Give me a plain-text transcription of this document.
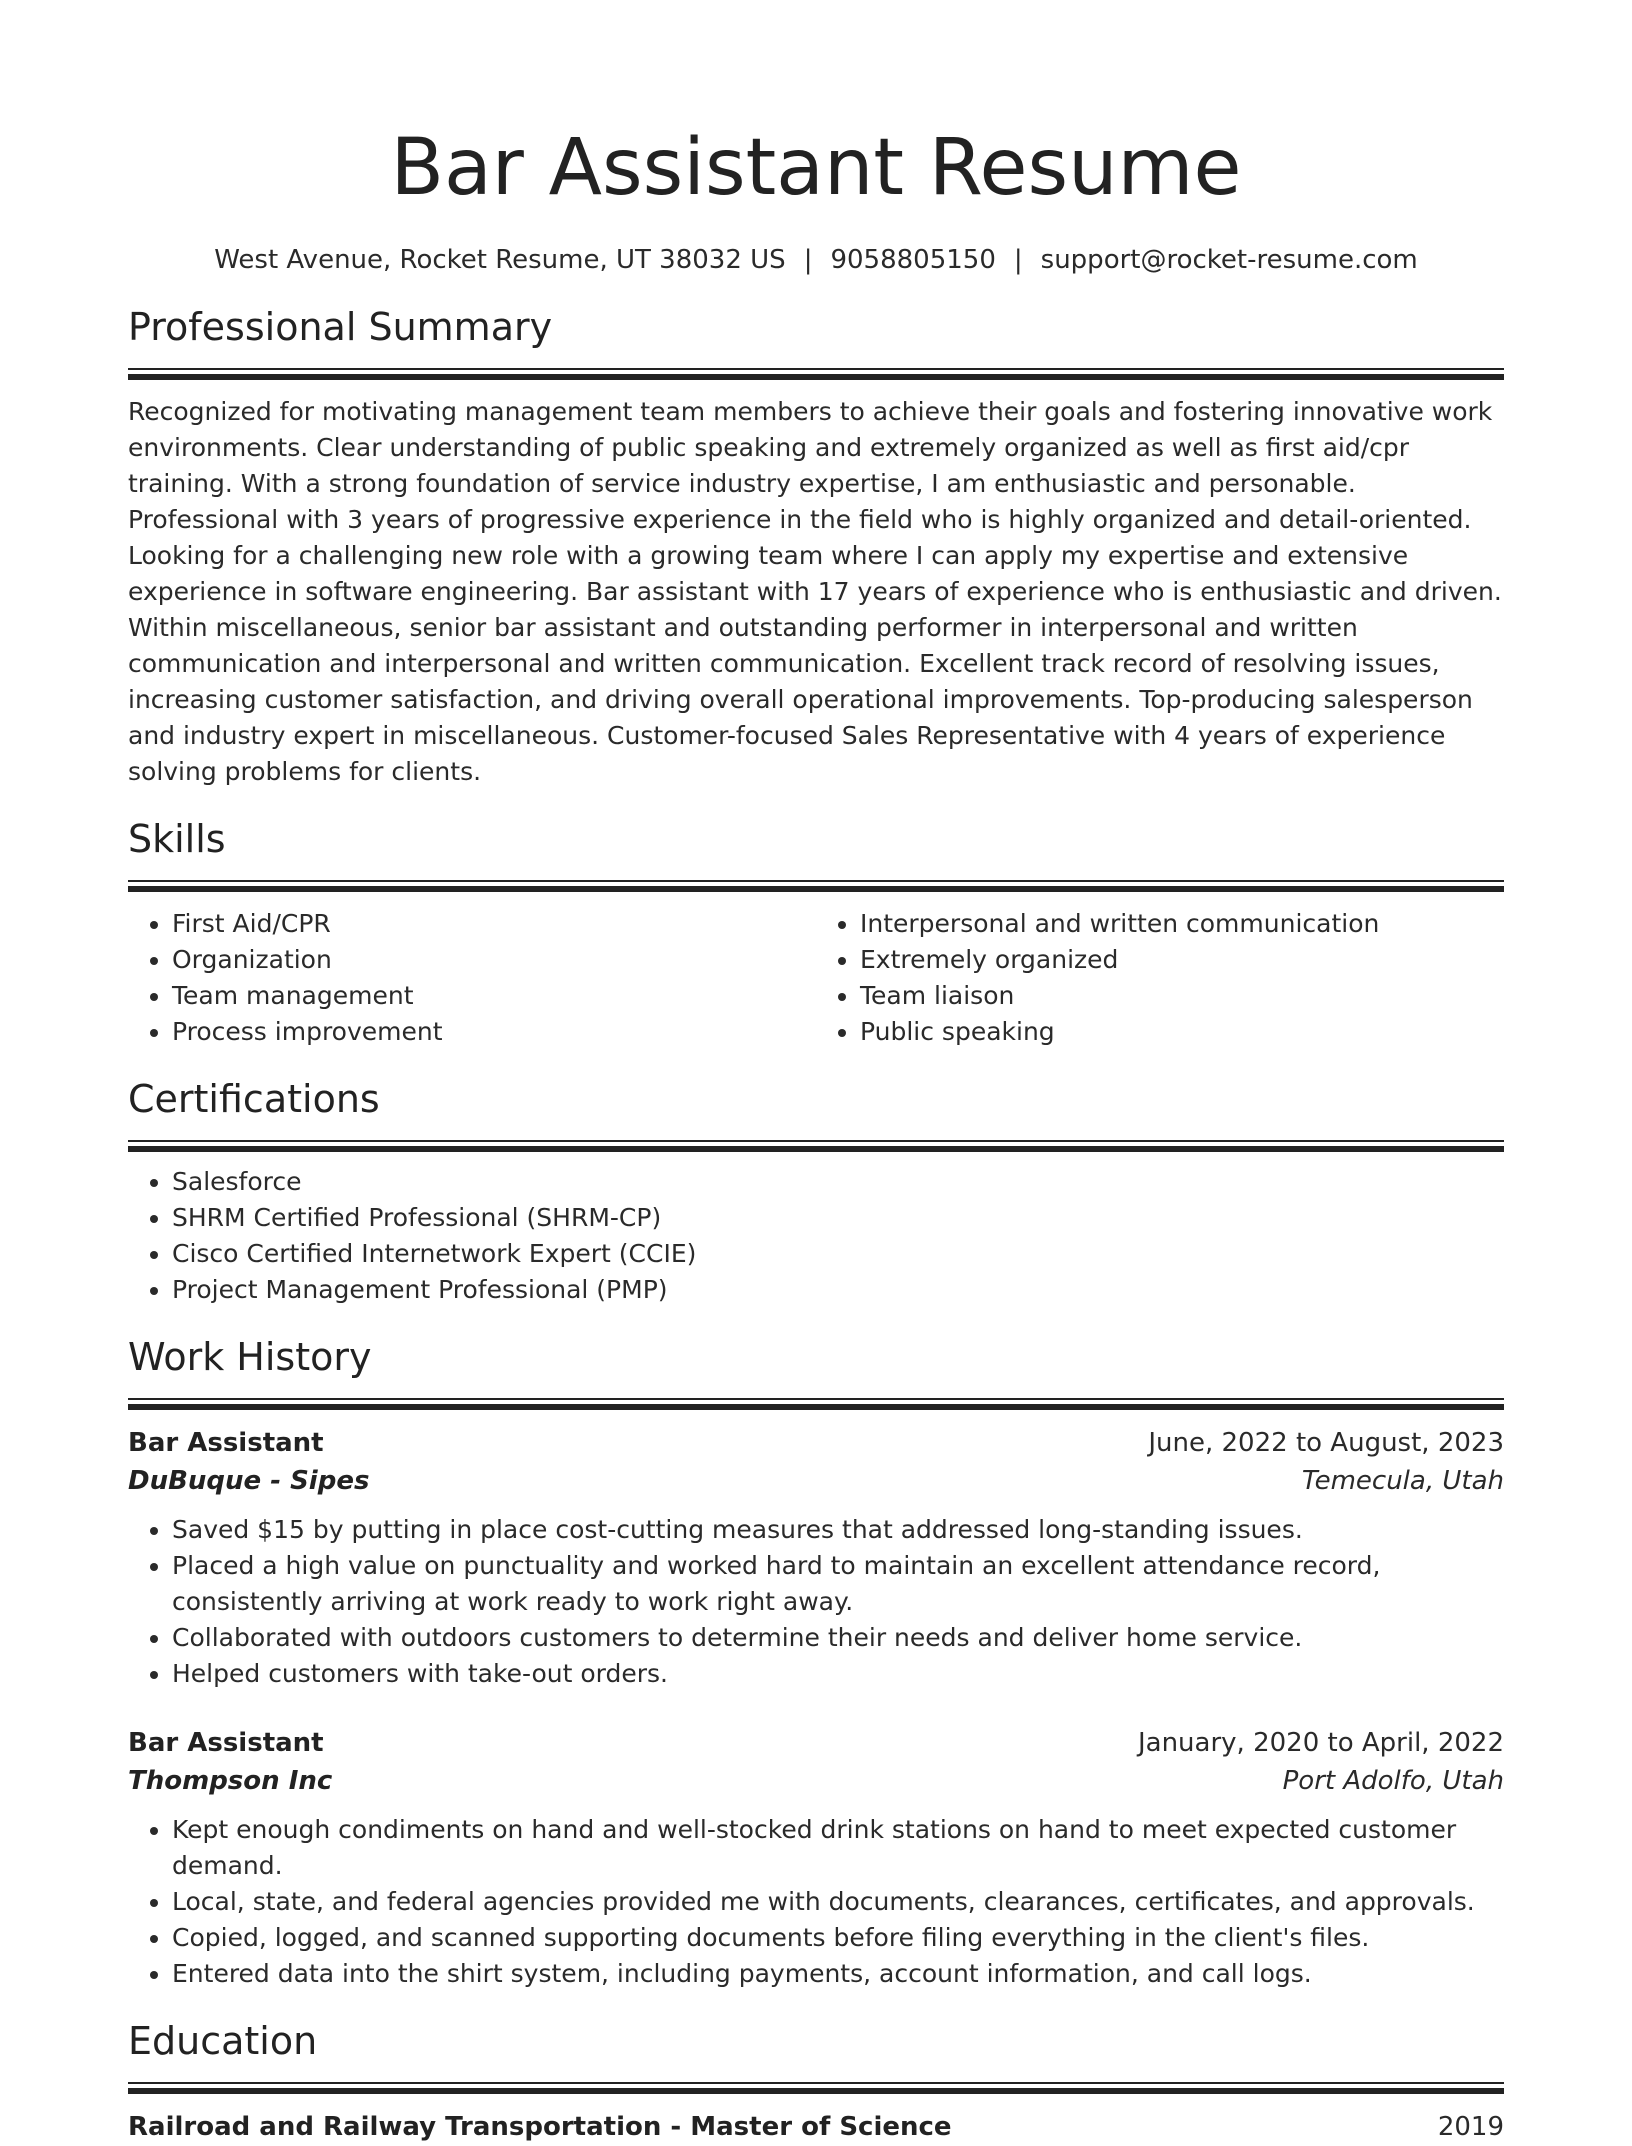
Bar Assistant Resume
West Avenue, Rocket Resume, UT 38032 US | 9058805150 | support@rocket-resume.com
Professional Summary

Recognized for motivating management team members to achieve their goals and fostering innovative work environments. Clear understanding of public speaking and extremely organized as well as first aid/cpr training. With a strong foundation of service industry expertise, I am enthusiastic and personable. Professional with 3 years of progressive experience in the field who is highly organized and detail-oriented. Looking for a challenging new role with a growing team where I can apply my expertise and extensive experience in software engineering. Bar assistant with 17 years of experience who is enthusiastic and driven. Within miscellaneous, senior bar assistant and outstanding performer in interpersonal and written communication and interpersonal and written communication. Excellent track record of resolving issues, increasing customer satisfaction, and driving overall operational improvements. Top-producing salesperson and industry expert in miscellaneous. Customer-focused Sales Representative with 4 years of experience solving problems for clients.

Skills
• First Aid/CPR
• Organization
• Team management
• Process improvement
• Interpersonal and written communication
• Extremely organized
• Team liaison
• Public speaking
Certifications
• Salesforce
• SHRM Certified Professional (SHRM-CP)
• Cisco Certified Internetwork Expert (CCIE)
• Project Management Professional (PMP)
Work History
Bar Assistant	June, 2022 to August, 2023
DuBuque - Sipes	Temecula, Utah
• Saved $15 by putting in place cost-cutting measures that addressed long-standing issues.
• Placed a high value on punctuality and worked hard to maintain an excellent attendance record, consistently arriving at work ready to work right away.
• Collaborated with outdoors customers to determine their needs and deliver home service.
• Helped customers with take-out orders.
Bar Assistant	January, 2020 to April, 2022
Thompson Inc	Port Adolfo, Utah
• Kept enough condiments on hand and well-stocked drink stations on hand to meet expected customer demand.
• Local, state, and federal agencies provided me with documents, clearances, certificates, and approvals.
• Copied, logged, and scanned supporting documents before filing everything in the client's files.
• Entered data into the shirt system, including payments, account information, and call logs.
Education
Railroad and Railway Transportation - Master of Science	2019
